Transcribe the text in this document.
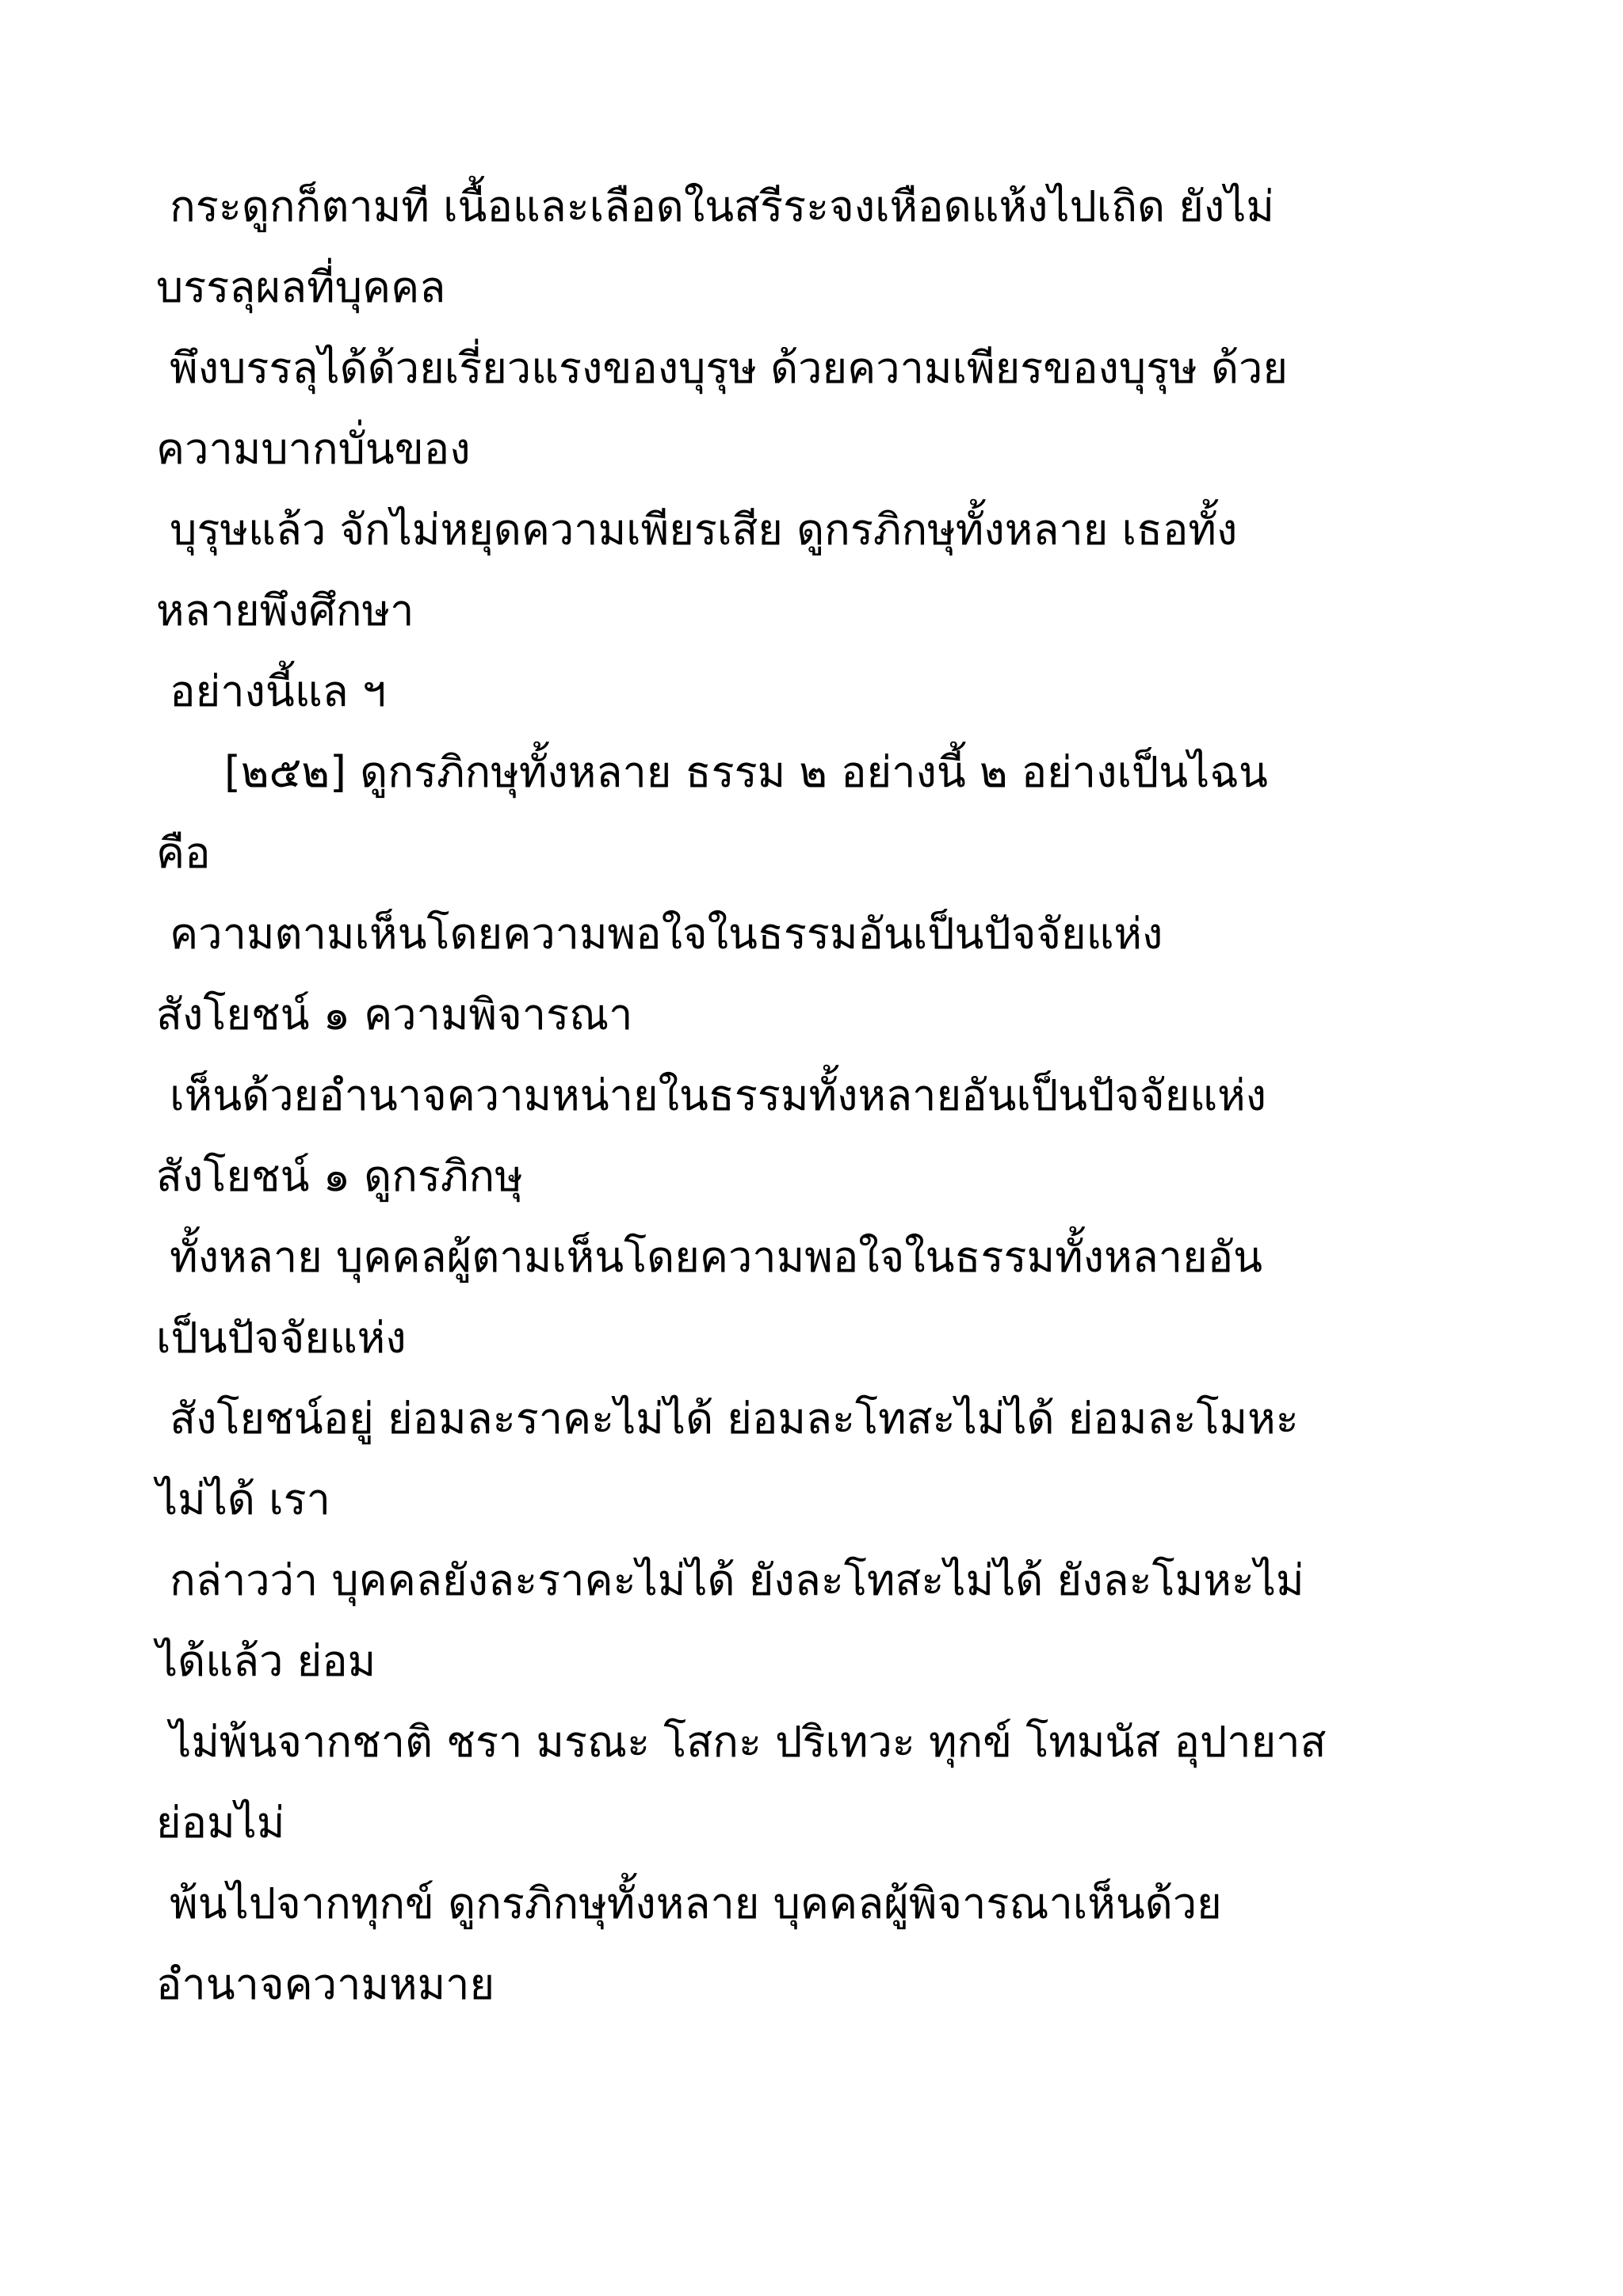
กระดูกก็ตามที เนื้อและเลือดในสรีระจงเหือดแห้งไปเถิด ยังไม่
บรรลุผลที่บุคคล
พึงบรรลุได้ด้วยเรี่ยวแรงของบุรุษ ด้วยความเพียรของบุรุษ ด้วย
ความบากบั่นของ
บุรุษแล้ว จักไม่หยุดความเพียรเสีย ดูกรภิกษุทั้งหลาย เธอทั้ง
หลายพึงศึกษา
อย่างนี้แล ฯ
[๒๕๒] ดูกรภิกษุทั้งหลาย ธรรม ๒ อย่างนี้ ๒ อย่างเป็นไฉน
คือ
ความตามเห็นโดยความพอใจในธรรมอันเป็นปัจจัยแห่ง
สังโยชน์ ๑ ความพิจารณา
เห็นด้วยอำนาจความหน่ายในธรรมทั้งหลายอันเป็นปัจจัยแห่ง
สังโยชน์ ๑ ดูกรภิกษุ
ทั้งหลาย บุคคลผู้ตามเห็นโดยความพอใจในธรรมทั้งหลายอัน
เป็นปัจจัยแห่ง
สังโยชน์อยู่ ย่อมละราคะไม่ได้ ย่อมละโทสะไม่ได้ ย่อมละโมหะ
ไม่ได้ เรา
กล่าวว่า บุคคลยังละราคะไม่ได้ ยังละโทสะไม่ได้ ยังละโมหะไม่
ได้แล้ว ย่อม
ไม่พ้นจากชาติ ชรา มรณะ โสกะ ปริเทวะ ทุกข์ โทมนัส อุปายาส
ย่อมไม่
พ้นไปจากทุกข์ ดูกรภิกษุทั้งหลาย บุคคลผู้พิจารณาเห็นด้วย
อำนาจความหมาย
